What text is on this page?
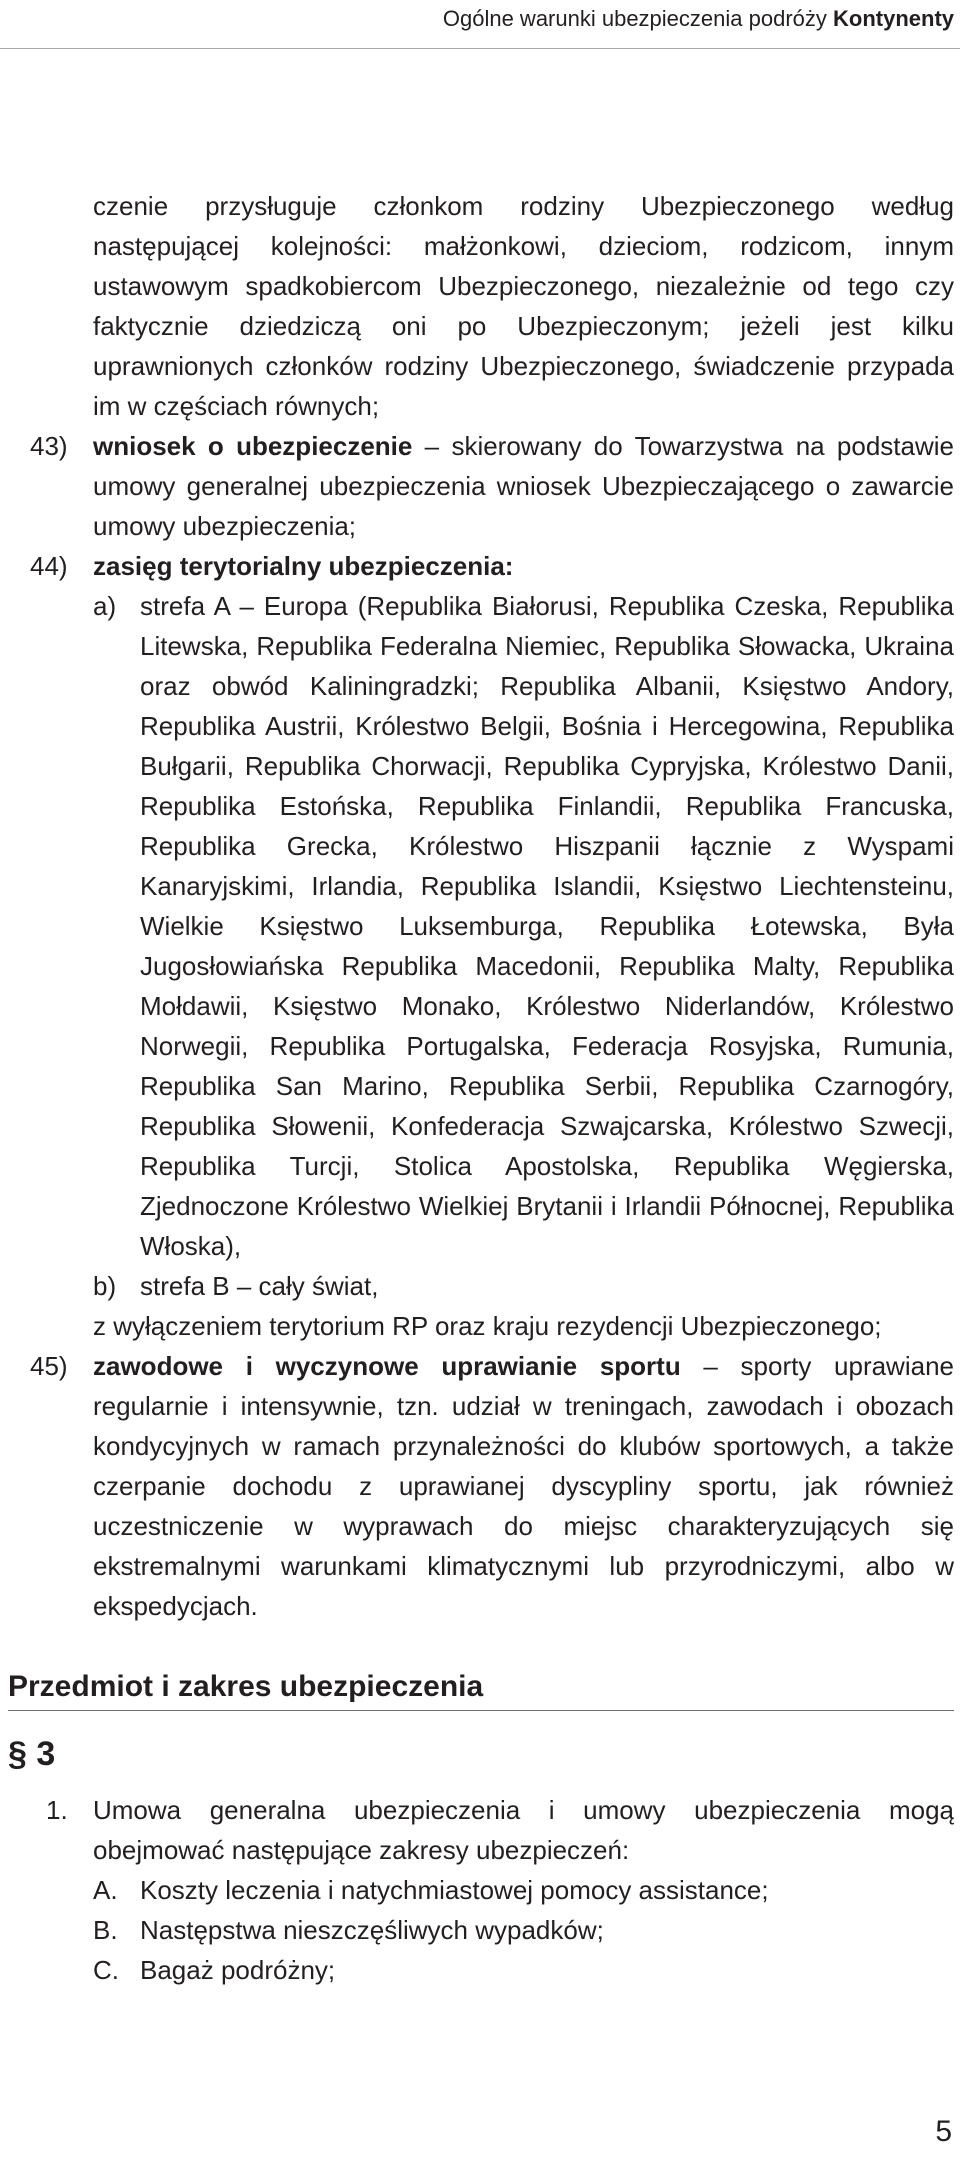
Ogólne warunki ubezpieczenia podróży Kontynenty
czenie przysługuje członkom rodziny Ubezpieczonego według następującej kolejności: małżonkowi, dzieciom, rodzicom, innym ustawowym spadkobiercom Ubezpieczonego, niezależnie od tego czy faktycznie dziedziczą oni po Ubezpieczonym; jeżeli jest kilku uprawnionych członków rodziny Ubezpieczonego, świadczenie przypada im w częściach równych;
43) wniosek o ubezpieczenie – skierowany do Towarzystwa na podstawie umowy generalnej ubezpieczenia wniosek Ubezpieczającego o zawarcie umowy ubezpieczenia;
44) zasięg terytorialny ubezpieczenia:
a) strefa A – Europa (Republika Białorusi, Republika Czeska, Republika Litewska, Republika Federalna Niemiec, Republika Słowacka, Ukraina oraz obwód Kaliningradzki; Republika Albanii, Księstwo Andory, Republika Austrii, Królestwo Belgii, Bośnia i Hercegowina, Republika Bułgarii, Republika Chorwacji, Republika Cypryjska, Królestwo Danii, Republika Estońska, Republika Finlandii, Republika Francuska, Republika Grecka, Królestwo Hiszpanii łącznie z Wyspami Kanaryjskimi, Irlandia, Republika Islandii, Księstwo Liechtensteinu, Wielkie Księstwo Luksemburga, Republika Łotewska, Była Jugosłowiańska Republika Macedonii, Republika Malty, Republika Mołdawii, Księstwo Monako, Królestwo Niderlandów, Królestwo Norwegii, Republika Portugalska, Federacja Rosyjska, Rumunia, Republika San Marino, Republika Serbii, Republika Czarnogóry, Republika Słowenii, Konfederacja Szwajcarska, Królestwo Szwecji, Republika Turcji, Stolica Apostolska, Republika Węgierska, Zjednoczone Królestwo Wielkiej Brytanii i Irlandii Północnej, Republika Włoska),
b) strefa B – cały świat,
z wyłączeniem terytorium RP oraz kraju rezydencji Ubezpieczonego;
45) zawodowe i wyczynowe uprawianie sportu – sporty uprawiane regularnie i intensywnie, tzn. udział w treningach, zawodach i obozach kondycyjnych w ramach przynależności do klubów sportowych, a także czerpanie dochodu z uprawianej dyscypliny sportu, jak również uczestniczenie w wyprawach do miejsc charakteryzujących się ekstremalnymi warunkami klimatycznymi lub przyrodniczymi, albo w ekspedycjach.
Przedmiot i zakres ubezpieczenia
§ 3
1. Umowa generalna ubezpieczenia i umowy ubezpieczenia mogą obejmować następujące zakresy ubezpieczeń:
A. Koszty leczenia i natychmiastowej pomocy assistance;
B. Następstwa nieszczęśliwych wypadków;
C. Bagaż podróżny;
5
